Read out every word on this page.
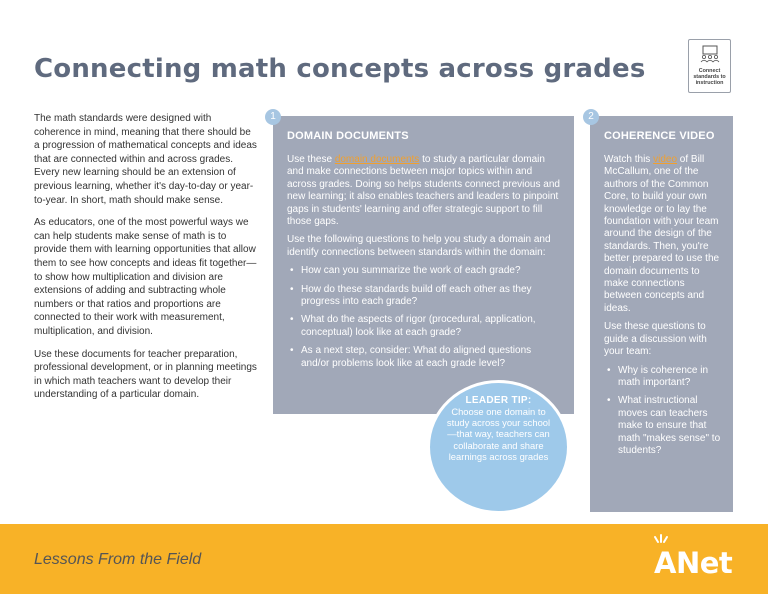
Connecting math concepts across grades	Connect
standards to
instruction

The math standards were designed with coherence in mind, meaning that there should be a progression of mathematical concepts and ideas that are connected within and across grades. Every new learning should be an extension of previous learning, whether it's day-to-day or year-to-year. In short, math should make sense.

As educators, one of the most powerful ways we can help students make sense of math is to provide them with learning opportunities that allow them to see how concepts and ideas fit together—to show how multiplication and division are extensions of adding and subtracting whole numbers or that ratios and proportions are connected to their work with measurement, multiplication, and division.

Use these documents for teacher preparation, professional development, or in planning meetings in which math teachers want to develop their understanding of a particular domain.

DOMAIN DOCUMENTS

Use these domain documents to study a particular domain and make connections between major topics within and across grades. Doing so helps students connect previous and new learning; it also enables teachers and leaders to pinpoint gaps in students' learning and offer strategic support to fill those gaps.

Use the following questions to help you study a domain and identify connections between standards within the domain:

• How can you summarize the work of each grade?
• How do these standards build off each other as they progress into each grade?
• What do the aspects of rigor (procedural, application, conceptual) look like at each grade?
• As a next step, consider: What do aligned questions and/or problems look like at each grade level?
1
COHERENCE VIDEO

Watch this video of Bill McCallum, one of the authors of the Common Core, to build your own knowledge or to lay the foundation with your team around the design of the standards. Then, you're better prepared to use the domain documents to make connections between concepts and ideas.

Use these questions to guide a discussion with your team:

• Why is coherence in math important?
• What instructional moves can teachers make to ensure that math "makes sense" to students?
2
LEADER TIP:
Choose one domain to study across your school—that way, teachers can collaborate and share learnings across grades
Lessons From the Field	ANet
